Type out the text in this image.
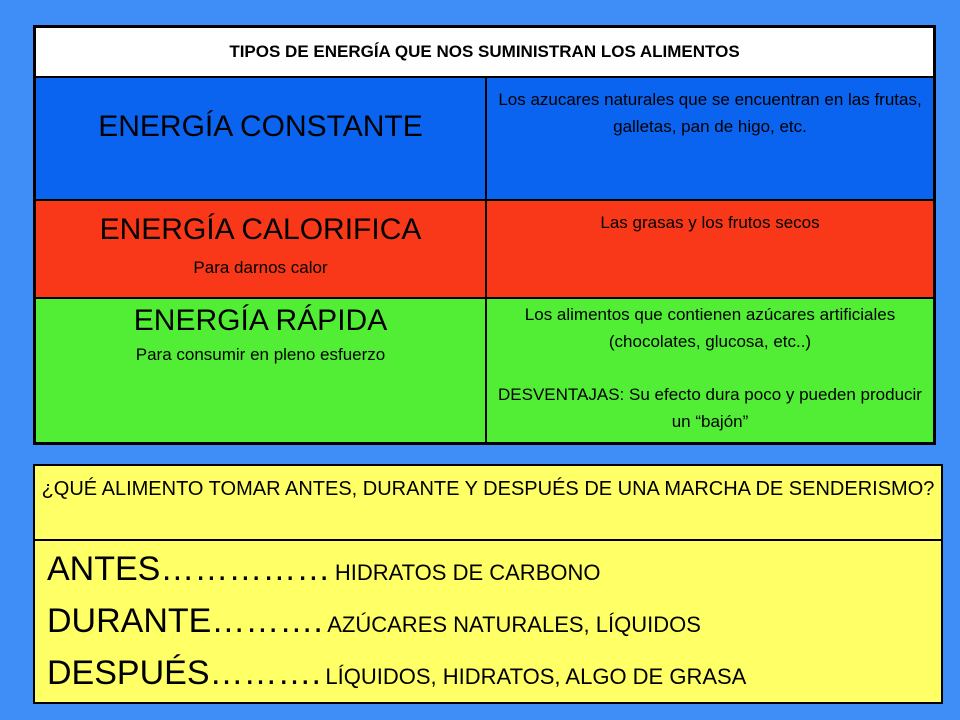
TIPOS DE ENERGÍA QUE NOS SUMINISTRAN LOS ALIMENTOS
ENERGÍA CONSTANTE
Los azucares naturales que se encuentran en las frutas, galletas, pan de higo, etc.
ENERGÍA CALORIFICA
Para darnos calor
Las grasas y los frutos secos
ENERGÍA RÁPIDA
Para consumir en pleno esfuerzo
Los alimentos que contienen azúcares artificiales (chocolates, glucosa, etc..)
DESVENTAJAS: Su efecto dura poco y pueden producir un “bajón”
¿QUÉ ALIMENTO TOMAR ANTES, DURANTE Y DESPUÉS DE UNA MARCHA DE SENDERISMO?
ANTES…………… HIDRATOS DE CARBONO
DURANTE………. AZÚCARES NATURALES, LÍQUIDOS
DESPUÉS………. LÍQUIDOS, HIDRATOS, ALGO DE GRASA
